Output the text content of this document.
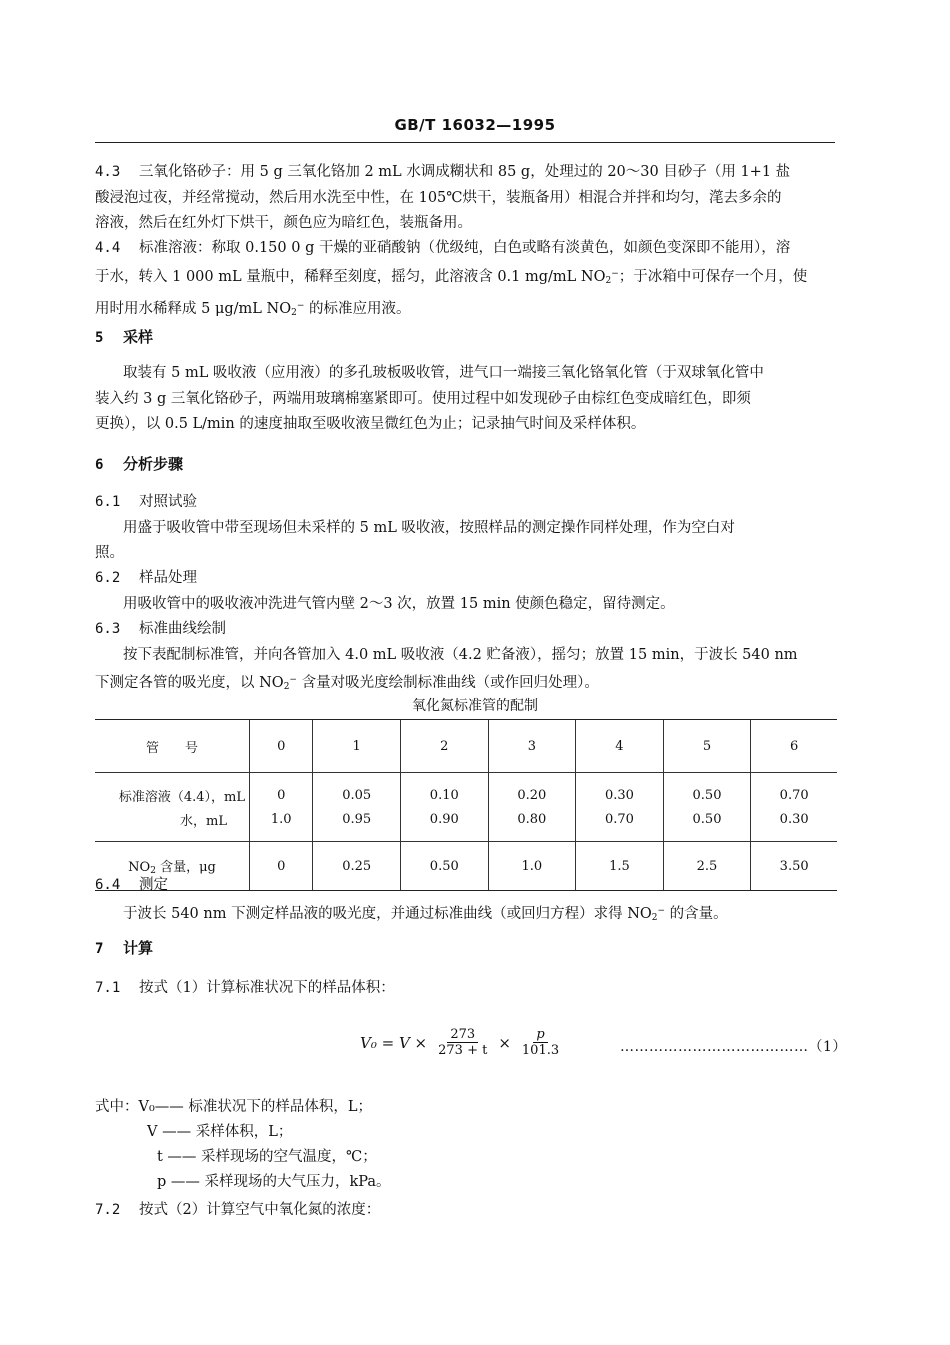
GB/T 16032—1995
4.3 三氧化铬砂子：用 5 g 三氧化铬加 2 mL 水调成糊状和 85 g，处理过的 20～30 目砂子（用 1+1 盐
酸浸泡过夜，并经常搅动，然后用水洗至中性，在 105℃烘干，装瓶备用）相混合并拌和均匀，滗去多余的
溶液，然后在红外灯下烘干，颜色应为暗红色，装瓶备用。
4.4 标准溶液：称取 0.150 0 g 干燥的亚硝酸钠（优级纯，白色或略有淡黄色，如颜色变深即不能用），溶
于水，转入 1 000 mL 量瓶中，稀释至刻度，摇匀，此溶液含 0.1 mg/mL $NO_2^-$；于冰箱中可保存一个月，使
用时用水稀释成 5 μg/mL $NO_2^-$ 的标准应用液。
5 采样
取装有 5 mL 吸收液（应用液）的多孔玻板吸收管，进气口一端接三氧化铬氧化管（于双球氧化管中
装入约 3 g 三氧化铬砂子，两端用玻璃棉塞紧即可。使用过程中如发现砂子由棕红色变成暗红色，即须
更换），以 0.5 L/min 的速度抽取至吸收液呈微红色为止；记录抽气时间及采样体积。
6 分析步骤
6.1 对照试验
用盛于吸收管中带至现场但未采样的 5 mL 吸收液，按照样品的测定操作同样处理，作为空白对
照。
6.2 样品处理
用吸收管中的吸收液冲洗进气管内壁 2～3 次，放置 15 min 使颜色稳定，留待测定。
6.3 标准曲线绘制
按下表配制标准管，并向各管加入 4.0 mL 吸收液（4.2 贮备液），摇匀；放置 15 min，于波长 540 nm
下测定各管的吸光度，以 $NO_2^-$ 含量对吸光度绘制标准曲线（或作回归处理）。
氧化氮标准管的配制
管　　号	0	1	2	3	4	5	6
标准溶液（4.4），mL	0	0.05	0.10	0.20	0.30	0.50	0.70
水，mL	1.0	0.95	0.90	0.80	0.70	0.50	0.30
$NO_2$ 含量，μg	0	0.25	0.50	1.0	1.5	2.5	3.50
6.4 测定
于波长 540 nm 下测定样品液的吸光度，并通过标准曲线（或回归方程）求得 $NO_2^-$ 的含量。
7 计算
7.1 按式（1）计算标准状况下的样品体积：
$V_0 = V \times \frac{273}{273 + t} \times \frac{p}{101.3}$	…………………………………（1）
式中：V₀—— 标准状况下的样品体积，L；
V —— 采样体积，L；
t —— 采样现场的空气温度，℃；
p —— 采样现场的大气压力，kPa。
7.2 按式（2）计算空气中氧化氮的浓度：
